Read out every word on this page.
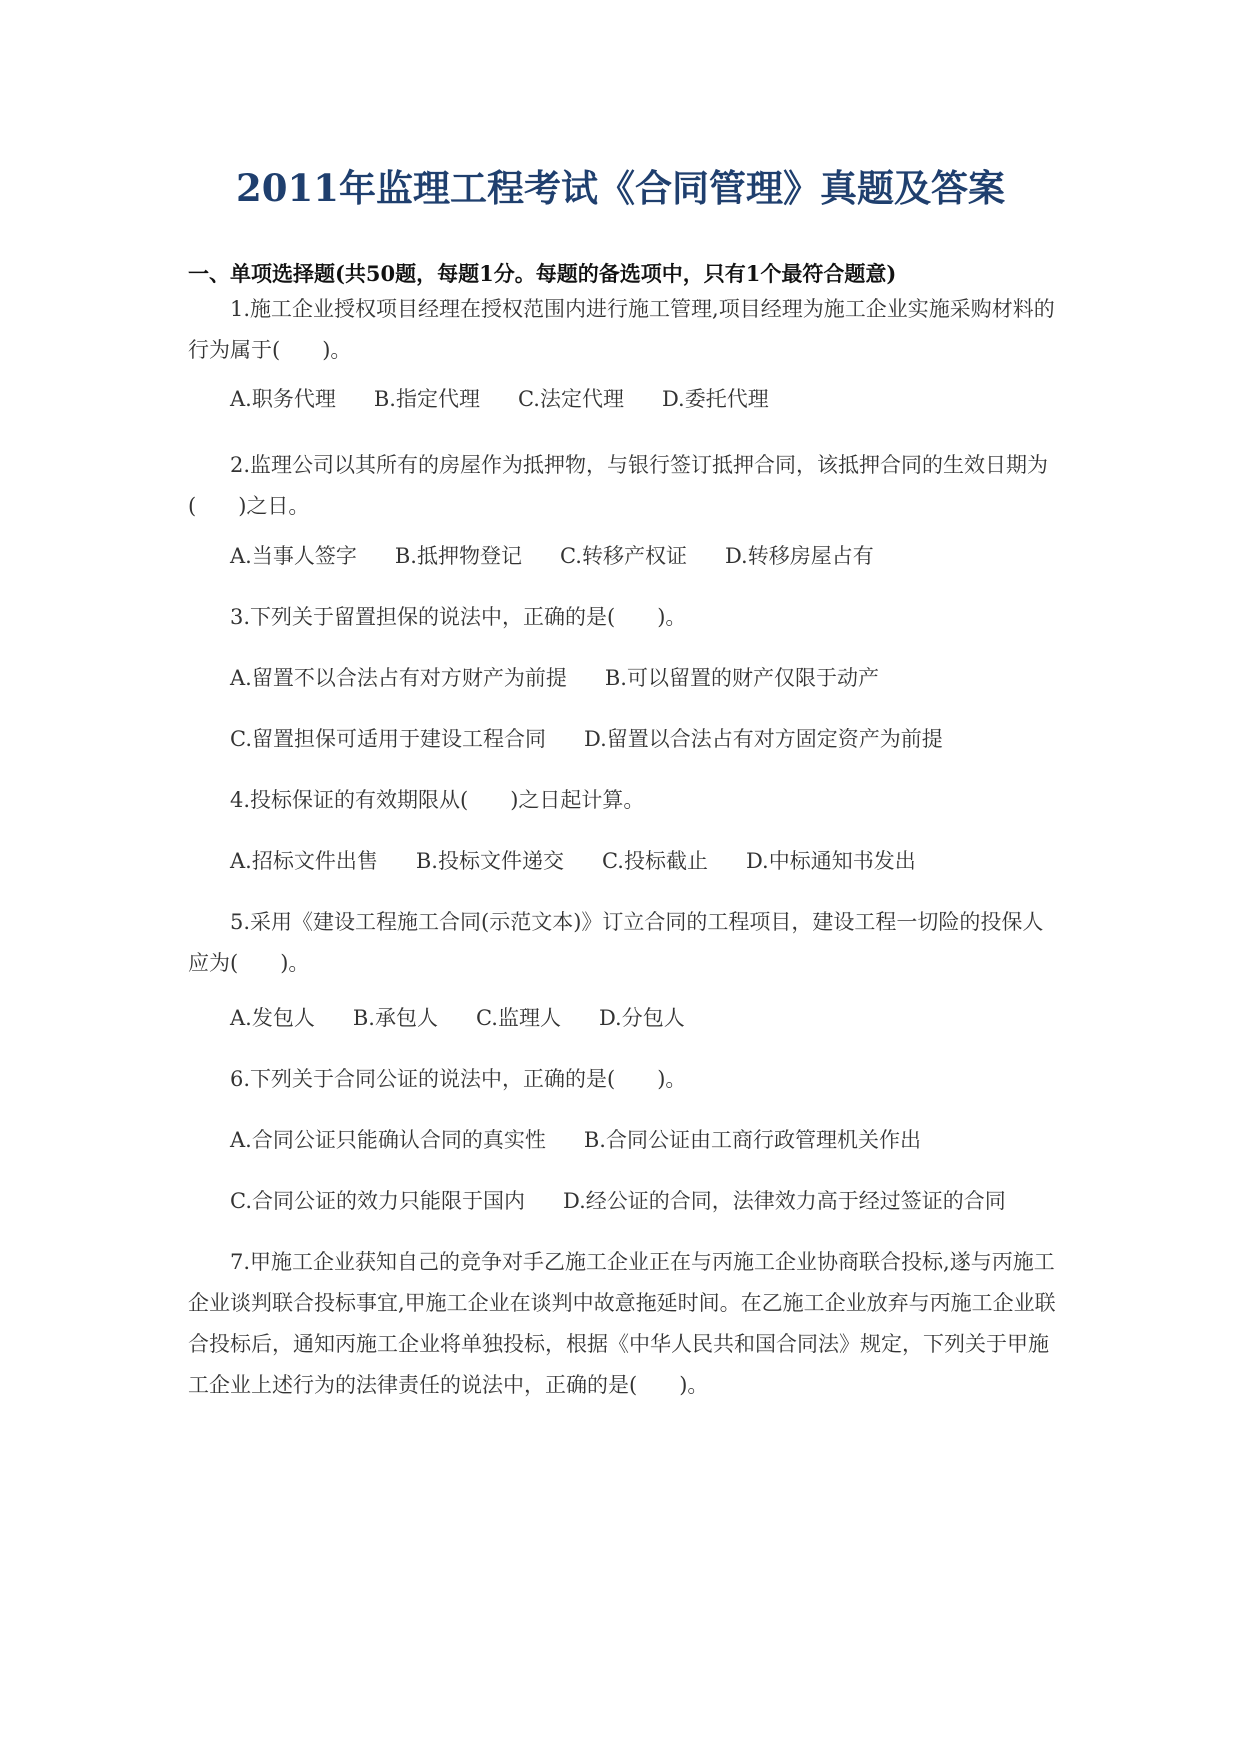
2011年监理工程考试《合同管理》真题及答案
一、单项选择题(共50题，每题1分。每题的备选项中，只有1个最符合题意)

1.施工企业授权项目经理在授权范围内进行施工管理,项目经理为施工企业实施采购材料的行为属于(　　)。

A.职务代理 B.指定代理 C.法定代理 D.委托代理

2.监理公司以其所有的房屋作为抵押物，与银行签订抵押合同，该抵押合同的生效日期为(　　)之日。

A.当事人签字 B.抵押物登记 C.转移产权证 D.转移房屋占有

3.下列关于留置担保的说法中，正确的是(　　)。

A.留置不以合法占有对方财产为前提 B.可以留置的财产仅限于动产
C.留置担保可适用于建设工程合同 D.留置以合法占有对方固定资产为前提

4.投标保证的有效期限从(　　)之日起计算。

A.招标文件出售 B.投标文件递交 C.投标截止 D.中标通知书发出

5.采用《建设工程施工合同(示范文本)》订立合同的工程项目，建设工程一切险的投保人应为(　　)。

A.发包人 B.承包人 C.监理人 D.分包人

6.下列关于合同公证的说法中，正确的是(　　)。

A.合同公证只能确认合同的真实性 B.合同公证由工商行政管理机关作出
C.合同公证的效力只能限于国内 D.经公证的合同，法律效力高于经过签证的合同

7.甲施工企业获知自己的竞争对手乙施工企业正在与丙施工企业协商联合投标,遂与丙施工企业谈判联合投标事宜,甲施工企业在谈判中故意拖延时间。在乙施工企业放弃与丙施工企业联合投标后，通知丙施工企业将单独投标，根据《中华人民共和国合同法》规定，下列关于甲施工企业上述行为的法律责任的说法中，正确的是(　　)。
